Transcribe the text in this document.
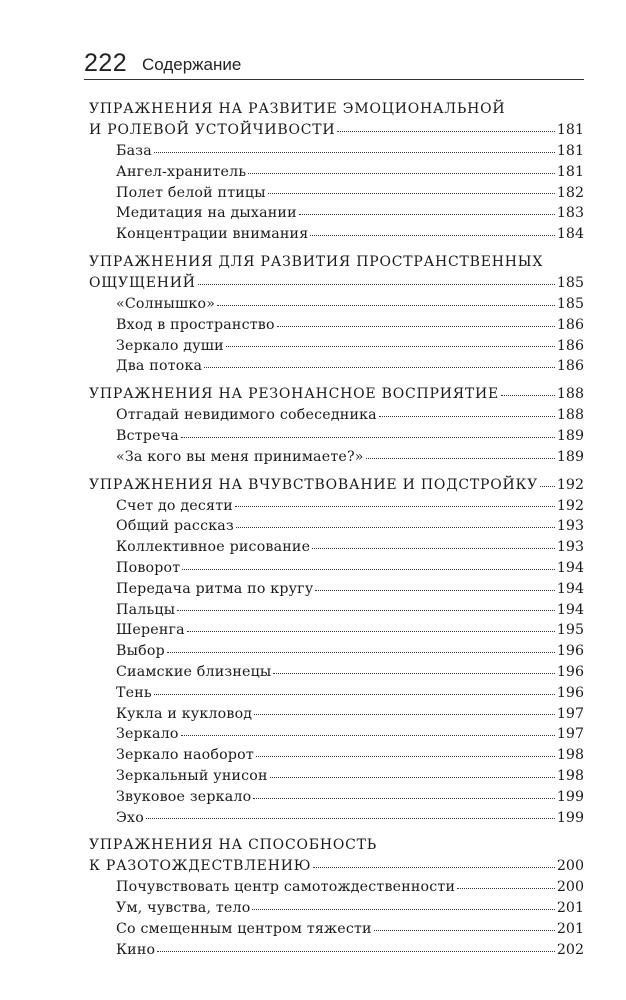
222 Содержание
УПРАЖНЕНИЯ НА РАЗВИТИЕ ЭМОЦИОНАЛЬНОЙ
И РОЛЕВОЙ УСТОЙЧИВОСТИ	181
База	181
Ангел-хранитель	181
Полет белой птицы	182
Медитация на дыхании	183
Концентрации внимания	184
УПРАЖНЕНИЯ ДЛЯ РАЗВИТИЯ ПРОСТРАНСТВЕННЫХ
ОЩУЩЕНИЙ	185
«Солнышко»	185
Вход в пространство	186
Зеркало души	186
Два потока	186
УПРАЖНЕНИЯ НА РЕЗОНАНСНОЕ ВОСПРИЯТИЕ	188
Отгадай невидимого собеседника	188
Встреча	189
«За кого вы меня принимаете?»	189
УПРАЖНЕНИЯ НА ВЧУВСТВОВАНИЕ И ПОДСТРОЙКУ 192
Счет до десяти	192
Общий рассказ	193
Коллективное рисование	193
Поворот	194
Передача ритма по кругу	194
Пальцы	194
Шеренга	195
Выбор	196
Сиамские близнецы	196
Тень	196
Кукла и кукловод	197
Зеркало	197
Зеркало наоборот	198
Зеркальный унисон	198
Звуковое зеркало	199
Эхо	199
УПРАЖНЕНИЯ НА СПОСОБНОСТЬ
К РАЗОТОЖДЕСТВЛЕНИЮ	200
Почувствовать центр самотождественности	200
Ум, чувства, тело	201
Со смещенным центром тяжести	201
Кино	202
